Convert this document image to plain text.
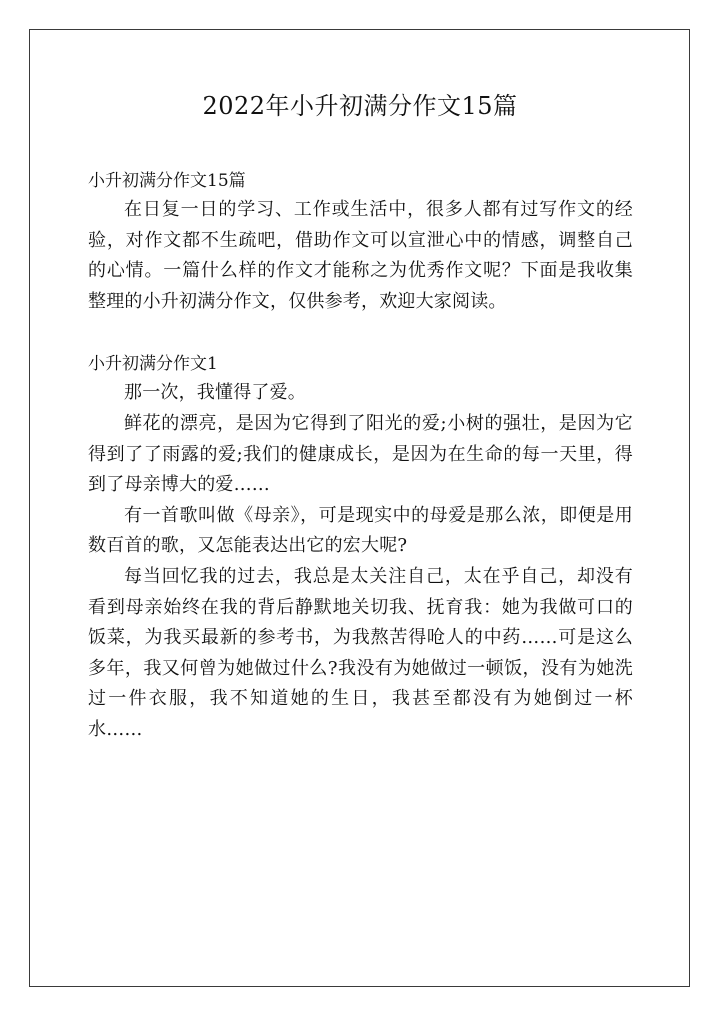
2022年小升初满分作文15篇

小升初满分作文15篇

在日复一日的学习、工作或生活中，很多人都有过写作文的经验，对作文都不生疏吧，借助作文可以宣泄心中的情感，调整自己的心情。一篇什么样的作文才能称之为优秀作文呢？下面是我收集整理的小升初满分作文，仅供参考，欢迎大家阅读。

小升初满分作文1

那一次，我懂得了爱。

鲜花的漂亮，是因为它得到了阳光的爱;小树的强壮，是因为它得到了了雨露的爱;我们的健康成长，是因为在生命的每一天里，得到了母亲博大的爱……

有一首歌叫做《母亲》，可是现实中的母爱是那么浓，即便是用数百首的歌，又怎能表达出它的宏大呢?

每当回忆我的过去，我总是太关注自己，太在乎自己，却没有看到母亲始终在我的背后静默地关切我、抚育我：她为我做可口的饭菜，为我买最新的参考书，为我熬苦得呛人的中药……可是这么多年，我又何曾为她做过什么?我没有为她做过一顿饭，没有为她洗过一件衣服，我不知道她的生日，我甚至都没有为她倒过一杯水……
